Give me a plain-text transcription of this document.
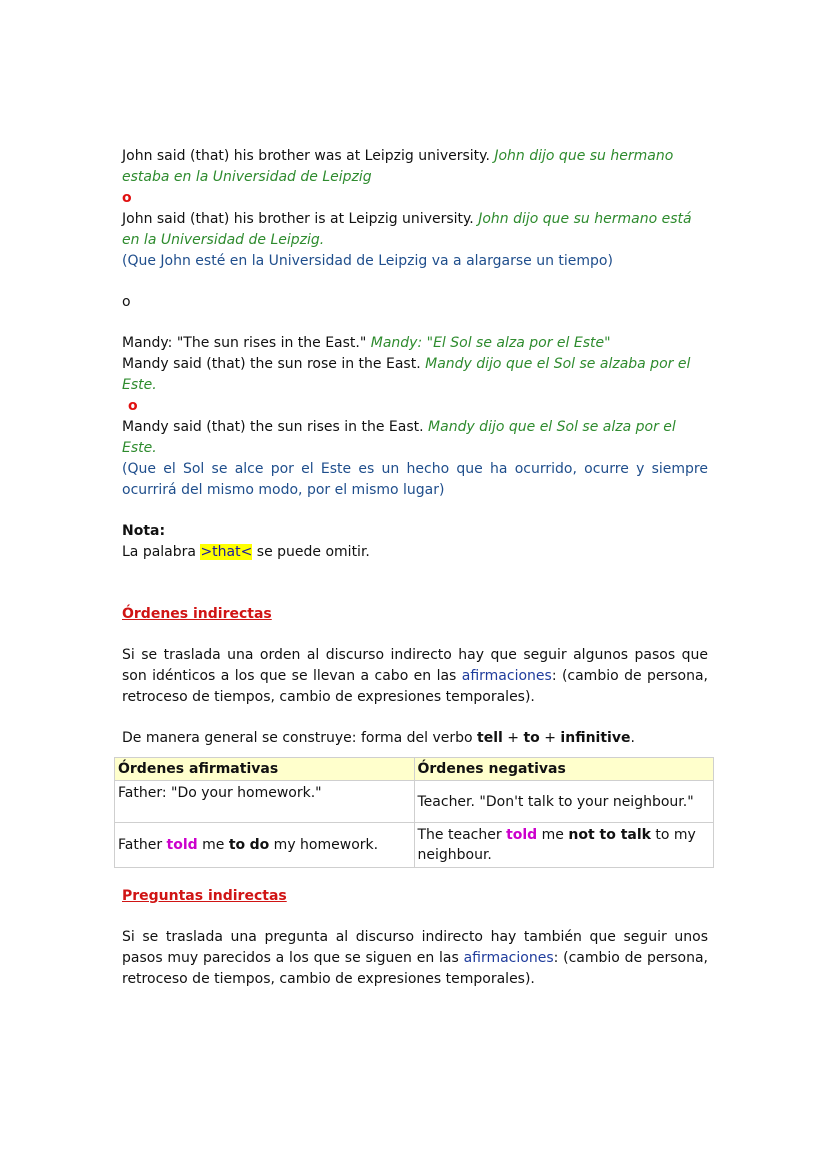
John said (that) his brother was at Leipzig university. John dijo que su hermano estaba en la Universidad de Leipzig

o

John said (that) his brother is at Leipzig university. John dijo que su hermano está en la Universidad de Leipzig.

(Que John esté en la Universidad de Leipzig va a alargarse un tiempo)

o

Mandy: "The sun rises in the East." Mandy: "El Sol se alza por el Este"

Mandy said (that) the sun rose in the East. Mandy dijo que el Sol se alzaba por el Este.

o

Mandy said (that) the sun rises in the East. Mandy dijo que el Sol se alza por el Este.

(Que el Sol se alce por el Este es un hecho que ha ocurrido, ocurre y siempre ocurrirá del mismo modo, por el mismo lugar)

Nota:

La palabra >that< se puede omitir.

Órdenes indirectas

Si se traslada una orden al discurso indirecto hay que seguir algunos pasos que son idénticos a los que se llevan a cabo en las afirmaciones: (cambio de persona, retroceso de tiempos, cambio de expresiones temporales).

De manera general se construye: forma del verbo tell + to + infinitive.

Órdenes afirmativas	Órdenes negativas
Father: "Do your homework."	Teacher. "Don't talk to your neighbour."
Father told me to do my homework.	The teacher told me not to talk to my neighbour.

Preguntas indirectas

Si se traslada una pregunta al discurso indirecto hay también que seguir unos pasos muy parecidos a los que se siguen en las afirmaciones: (cambio de persona, retroceso de tiempos, cambio de expresiones temporales).
